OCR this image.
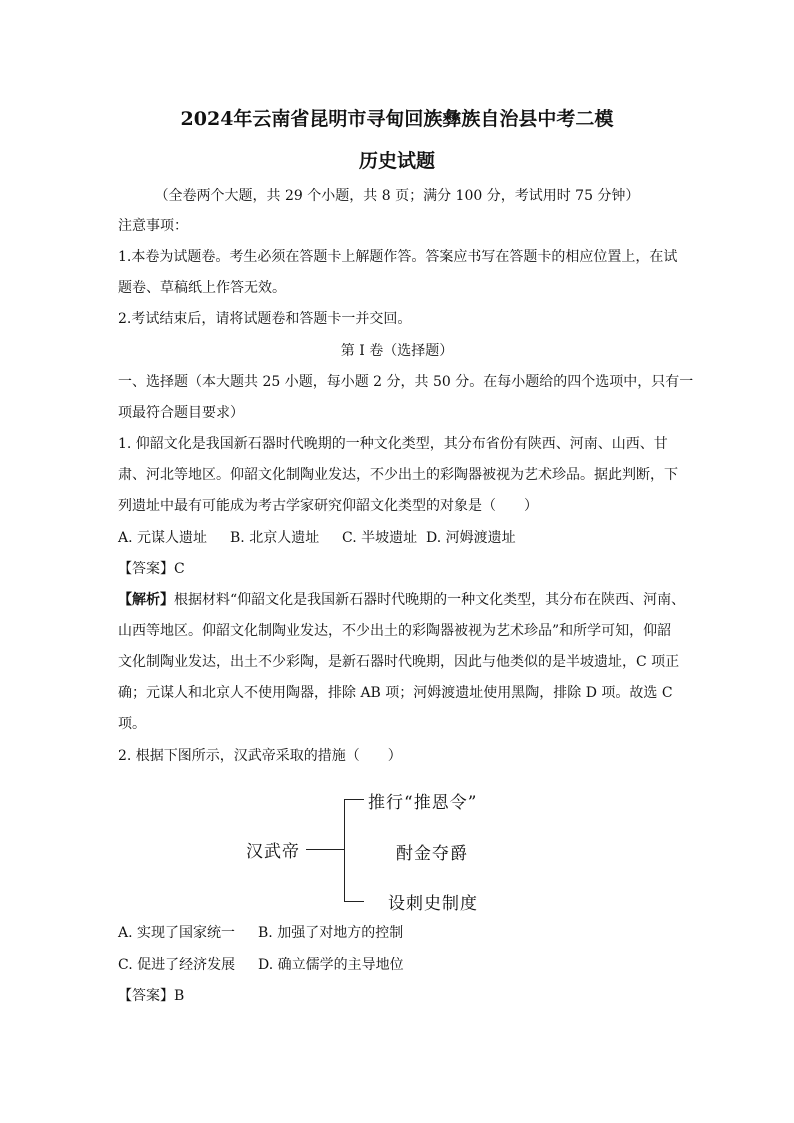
2024年云南省昆明市寻甸回族彝族自治县中考二模
历史试题
（全卷两个大题，共 29 个小题，共 8 页；满分 100 分，考试用时 75 分钟）
注意事项：
1.本卷为试题卷。考生必须在答题卡上解题作答。答案应书写在答题卡的相应位置上，在试
题卷、草稿纸上作答无效。
2.考试结束后，请将试题卷和答题卡一并交回。
第 I 卷（选择题）
一、选择题（本大题共 25 小题，每小题 2 分，共 50 分。在每小题给的四个选项中，只有一
项最符合题目要求）
1. 仰韶文化是我国新石器时代晚期的一种文化类型，其分布省份有陕西、河南、山西、甘
肃、河北等地区。仰韶文化制陶业发达，不少出土的彩陶器被视为艺术珍品。据此判断，下
列遗址中最有可能成为考古学家研究仰韶文化类型的对象是（　　）
A. 元谋人遗址 B. 北京人遗址 C. 半坡遗址 D. 河姆渡遗址
【答案】C
【解析】根据材料“仰韶文化是我国新石器时代晚期的一种文化类型，其分布在陕西、河南、
山西等地区。仰韶文化制陶业发达，不少出土的彩陶器被视为艺术珍品”和所学可知，仰韶
文化制陶业发达，出土不少彩陶，是新石器时代晚期，因此与他类似的是半坡遗址，C 项正
确；元谋人和北京人不使用陶器，排除 AB 项；河姆渡遗址使用黑陶，排除 D 项。故选 C
项。
2. 根据下图所示，汉武帝采取的措施（　　）
汉武帝
推行“推恩令”
酎金夺爵
设刺史制度
A. 实现了国家统一 B. 加强了对地方的控制
C. 促进了经济发展 D. 确立儒学的主导地位
【答案】B
